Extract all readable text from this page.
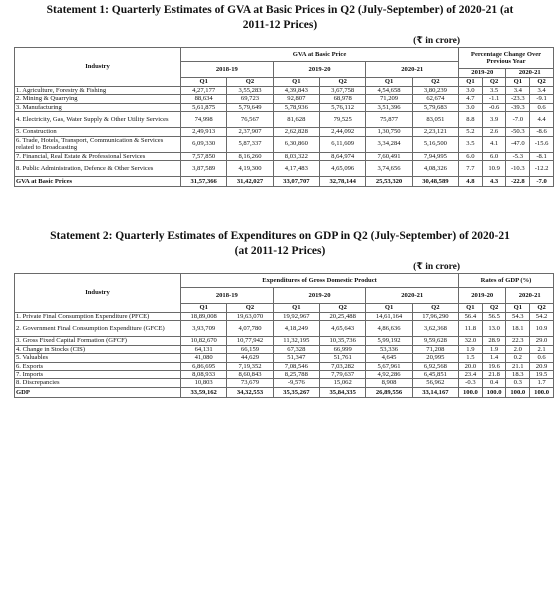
Statement 1: Quarterly Estimates of GVA at Basic Prices in Q2 (July-September) of 2020-21 (at 2011-12 Prices)
(₹ in crore)
Industry	GVA at Basic Price						Percentage Change Over Previous Year			
	2018-19		2019-20		2020-21					
							2019-20		2020-21	
	Q1	Q2	Q1	Q2	Q1	Q2	Q1	Q2	Q1	Q2
1. Agriculture, Forestry & Fishing	4,27,177	3,55,283	4,39,843	3,67,758	4,54,658	3,80,239	3.0	3.5	3.4	3.4
2. Mining & Quarrying	88,634	69,723	92,807	68,978	71,209	62,674	4.7	-1.1	-23.3	-9.1
3. Manufacturing	5,61,875	5,79,649	5,78,936	5,76,112	3,51,396	5,79,683	3.0	-0.6	-39.3	0.6
4. Electricity, Gas, Water Supply & Other Utility Services	74,998	76,567	81,628	79,525	75,877	83,051	8.8	3.9	-7.0	4.4
5. Construction	2,49,913	2,37,907	2,62,828	2,44,092	1,30,750	2,23,121	5.2	2.6	-50.3	-8.6
6. Trade, Hotels, Transport, Communication & Services related to Broadcasting	6,09,330	5,87,337	6,30,860	6,11,609	3,34,284	5,16,500	3.5	4.1	-47.0	-15.6
7. Financial, Real Estate & Professional Services	7,57,850	8,16,260	8,03,322	8,64,974	7,60,491	7,94,995	6.0	6.0	-5.3	-8.1
8. Public Administration, Defence & Other Services	3,87,589	4,19,300	4,17,483	4,65,096	3,74,656	4,08,326	7.7	10.9	-10.3	-12.2
GVA at Basic Prices	31,57,366	31,42,027	33,07,707	32,78,144	25,53,320	30,48,589	4.8	4.3	-22.8	-7.0
Statement 2: Quarterly Estimates of Expenditures on GDP in Q2 (July-September) of 2020-21 (at 2011-12 Prices)
(₹ in crore)
Industry	Expenditures of Gross Domestic Product						Rates of GDP (%)			
	2018-19		2019-20		2020-21					
							2019-20		2020-21	
	Q1	Q2	Q1	Q2	Q1	Q2	Q1	Q2	Q1	Q2
1. Private Final Consumption Expenditure (PFCE)	18,89,008	19,63,070	19,92,967	20,25,488	14,61,164	17,96,290	56.4	56.5	54.3	54.2
2. Government Final Consumption Expenditure (GFCE)	3,93,709	4,07,780	4,18,249	4,65,643	4,86,636	3,62,368	11.8	13.0	18.1	10.9
3. Gross Fixed Capital Formation (GFCF)	10,82,670	10,77,942	11,32,195	10,35,736	5,99,192	9,59,628	32.0	28.9	22.3	29.0
4. Change in Stocks (CIS)	64,131	66,159	67,328	66,999	53,336	71,208	1.9	1.9	2.0	2.1
5. Valuables	41,080	44,629	51,347	51,761	4,645	20,995	1.5	1.4	0.2	0.6
6. Exports	6,86,695	7,19,352	7,08,546	7,03,282	5,67,961	6,92,568	20.0	19.6	21.1	20.9
7. Imports	8,08,933	8,60,843	8,25,788	7,79,637	4,92,286	6,45,851	23.4	21.8	18.3	19.5
8. Discrepancies	10,803	73,679	-9,576	15,062	8,908	56,962	-0.3	0.4	0.3	1.7
GDP	33,59,162	34,32,553	35,35,267	35,84,335	26,89,556	33,14,167	100.0	100.0	100.0	100.0
